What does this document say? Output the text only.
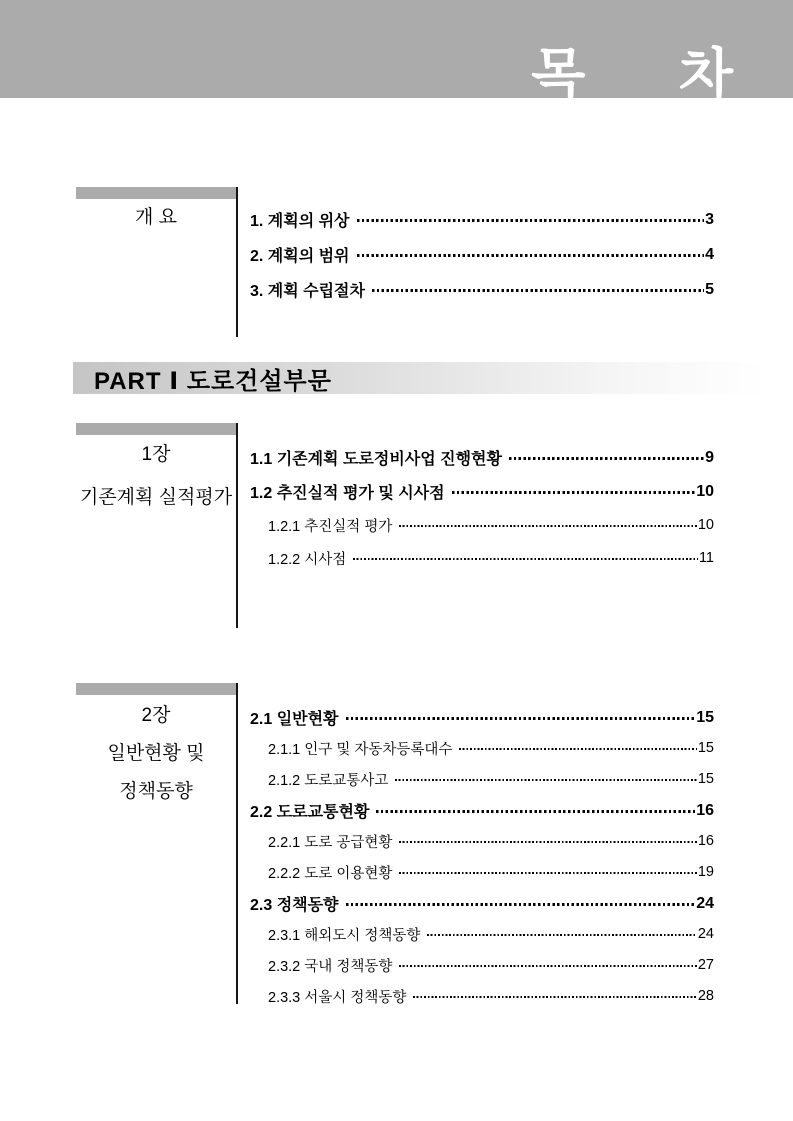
목 차
개 요	1. 계획의 위상	3
2. 계획의 범위	4
3. 계획 수립절차	5
PART Ⅰ 도로건설부문
1장
기존계획 실적평가
1.1 기존계획 도로정비사업 진행현황	9
1.2 추진실적 평가 및 시사점	10
1.2.1 추진실적 평가	10
1.2.2 시사점	11
2장
일반현황 및
정책동향
2.1 일반현황	15
2.1.1 인구 및 자동차등록대수	15
2.1.2 도로교통사고	15
2.2 도로교통현황	16
2.2.1 도로 공급현황	16
2.2.2 도로 이용현황	19
2.3 정책동향	24
2.3.1 해외도시 정책동향	24
2.3.2 국내 정책동향	27
2.3.3 서울시 정책동향	28
